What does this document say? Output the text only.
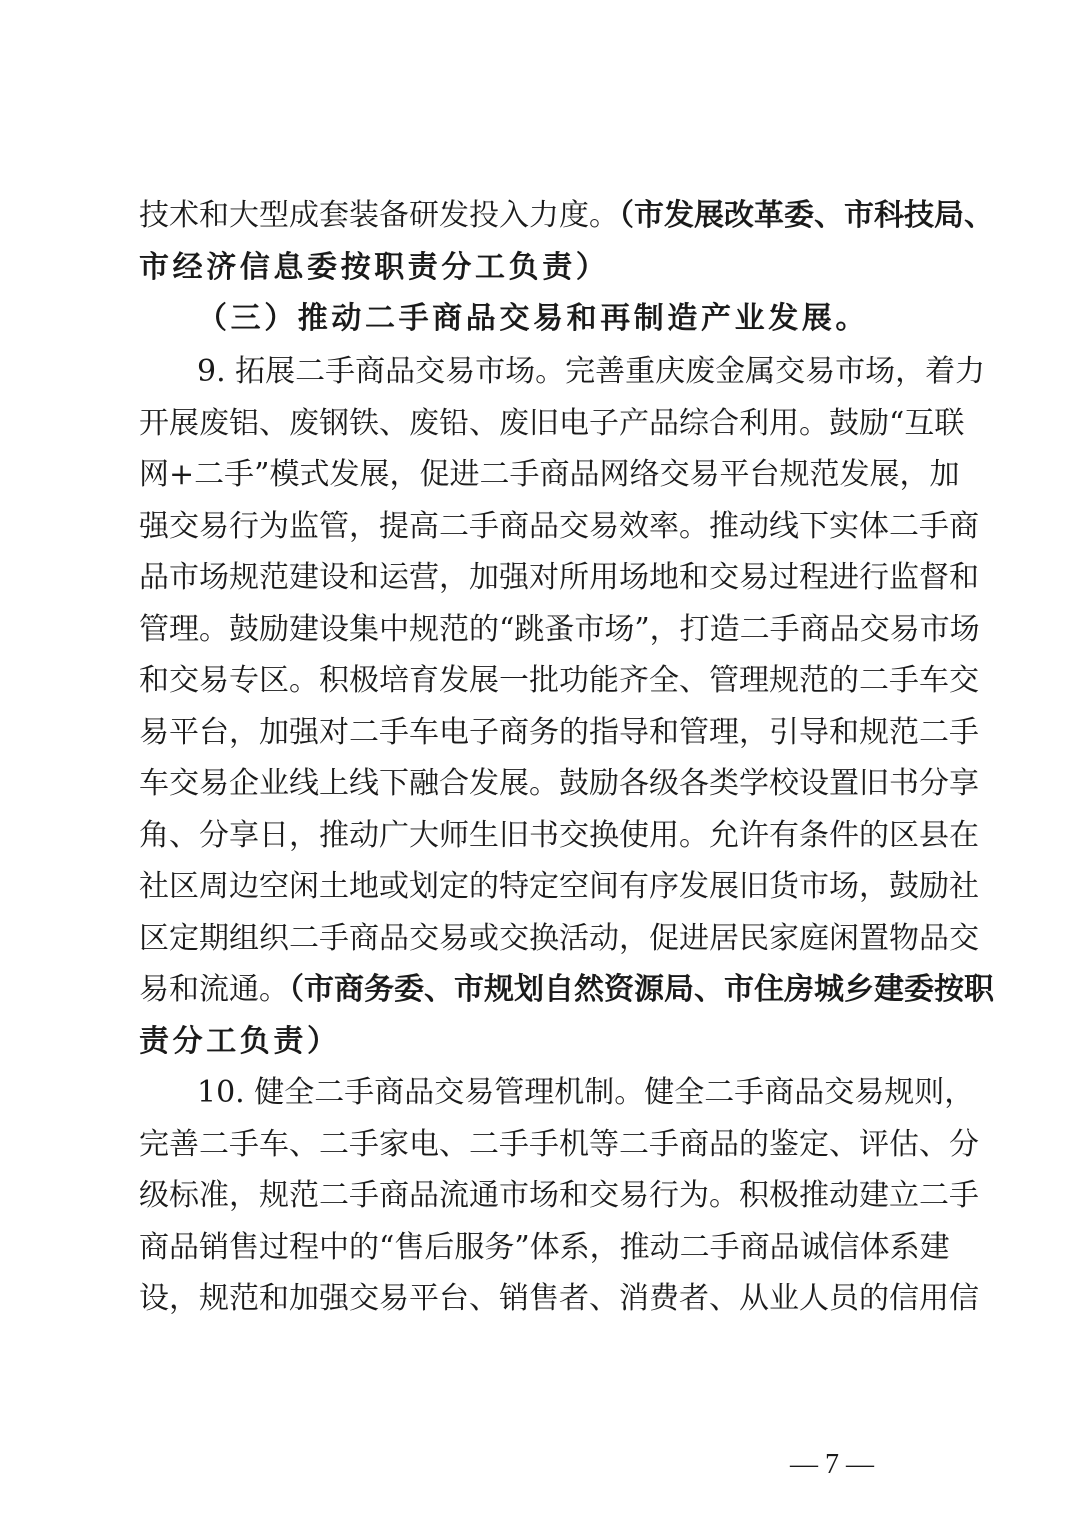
技术和大型成套装备研发投入力度。（市发展改革委、市科技局、
市经济信息委按职责分工负责）
（三）推动二手商品交易和再制造产业发展。
9. 拓展二手商品交易市场。完善重庆废金属交易市场，着力
开展废铝、废钢铁、废铅、废旧电子产品综合利用。鼓励“互联
网+二手”模式发展，促进二手商品网络交易平台规范发展，加
强交易行为监管，提高二手商品交易效率。推动线下实体二手商
品市场规范建设和运营，加强对所用场地和交易过程进行监督和
管理。鼓励建设集中规范的“跳蚤市场”，打造二手商品交易市场
和交易专区。积极培育发展一批功能齐全、管理规范的二手车交
易平台，加强对二手车电子商务的指导和管理，引导和规范二手
车交易企业线上线下融合发展。鼓励各级各类学校设置旧书分享
角、分享日，推动广大师生旧书交换使用。允许有条件的区县在
社区周边空闲土地或划定的特定空间有序发展旧货市场，鼓励社
区定期组织二手商品交易或交换活动，促进居民家庭闲置物品交
易和流通。（市商务委、市规划自然资源局、市住房城乡建委按职
责分工负责）
10. 健全二手商品交易管理机制。健全二手商品交易规则，
完善二手车、二手家电、二手手机等二手商品的鉴定、评估、分
级标准，规范二手商品流通市场和交易行为。积极推动建立二手
商品销售过程中的“售后服务”体系，推动二手商品诚信体系建
设，规范和加强交易平台、销售者、消费者、从业人员的信用信
— 7 —
